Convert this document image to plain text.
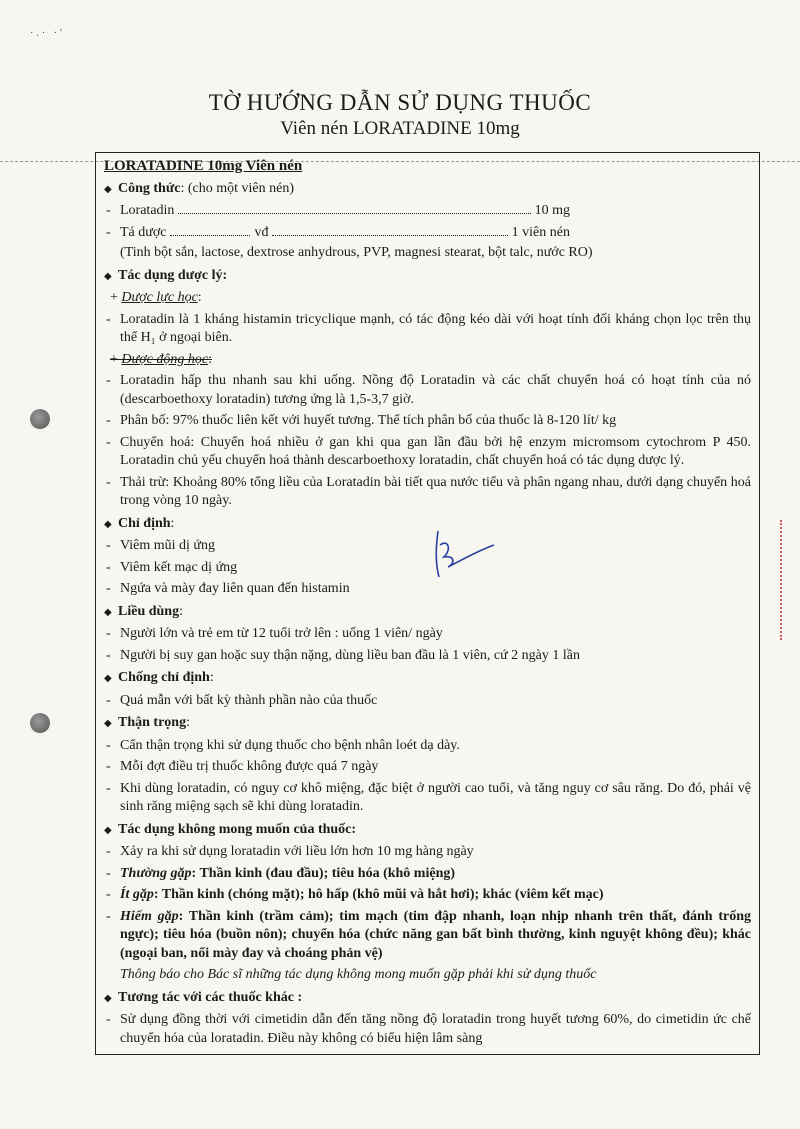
·.· ·'
TỜ HƯỚNG DẪN SỬ DỤNG THUỐC
Viên nén LORATADINE 10mg
LORATADINE 10mg Viên nén
◆ Công thức : (cho một viên nén)
- Loratadin	10 mg
- Tá dược	vđ	1 viên nén
(Tinh bột sắn, lactose, dextrose anhydrous, PVP, magnesi stearat, bột talc, nước RO)
◆ Tác dụng dược lý:
+ Dược lực học:
- Loratadin là 1 kháng histamin tricyclique mạnh, có tác động kéo dài với hoạt tính đối kháng chọn lọc trên thụ thể H₁ ở ngoại biên.
+ Dược động học:
- Loratadin hấp thu nhanh sau khi uống. Nồng độ Loratadin và các chất chuyển hoá có hoạt tính của nó (descarboethoxy loratadin) tương ứng là 1,5-3,7 giờ.
- Phân bố: 97% thuốc liên kết với huyết tương. Thể tích phân bố của thuốc là 8-120 lít/ kg
- Chuyển hoá: Chuyển hoá nhiều ở gan khi qua gan lần đầu bởi hệ enzym micromsom cytochrom P 450. Loratadin chủ yếu chuyển hoá thành descarboethoxy loratadin, chất chuyển hoá có tác dụng dược lý.
- Thải trừ: Khoảng 80% tổng liều của Loratadin bài tiết qua nước tiểu và phân ngang nhau, dưới dạng chuyển hoá trong vòng 10 ngày.
◆ Chỉ định :
- Viêm mũi dị ứng
- Viêm kết mạc dị ứng
- Ngứa và mày đay liên quan đến histamin
◆ Liều dùng :
- Người lớn và trẻ em từ 12 tuổi trở lên : uống 1 viên/ ngày
- Người bị suy gan hoặc suy thận nặng, dùng liều ban đầu là 1 viên, cứ 2 ngày 1 lần
◆ Chống chỉ định :
- Quá mẫn với bất kỳ thành phần nào của thuốc
◆ Thận trọng :
- Cẩn thận trọng khi sử dụng thuốc cho bệnh nhân loét dạ dày.
- Mỗi đợt điều trị thuốc không được quá 7 ngày
- Khi dùng loratadin, có nguy cơ khô miệng, đặc biệt ở người cao tuổi, và tăng nguy cơ sâu răng. Do đó, phải vệ sinh răng miệng sạch sẽ khi dùng loratadin.
◆ Tác dụng không mong muốn của thuốc:
- Xảy ra khi sử dụng loratadin với liều lớn hơn 10 mg hàng ngày
- Thường gặp: Thần kinh (đau đầu); tiêu hóa (khô miệng)
- Ít gặp: Thần kinh (chóng mặt); hô hấp (khô mũi và hắt hơi); khác (viêm kết mạc)
- Hiếm gặp: Thần kinh (trầm cảm); tim mạch (tim đập nhanh, loạn nhịp nhanh trên thất, đánh trống ngực); tiêu hóa (buồn nôn); chuyển hóa (chức năng gan bất bình thường, kinh nguyệt không đều); khác (ngoại ban, nổi mày đay và choáng phản vệ)
Thông báo cho Bác sĩ những tác dụng không mong muốn gặp phải khi sử dụng thuốc
◆ Tương tác với các thuốc khác :
- Sử dụng đồng thời với cimetidin dẫn đến tăng nồng độ loratadin trong huyết tương 60%, do cimetidin ức chế chuyển hóa của loratadin. Điều này không có biểu hiện lâm sàng
